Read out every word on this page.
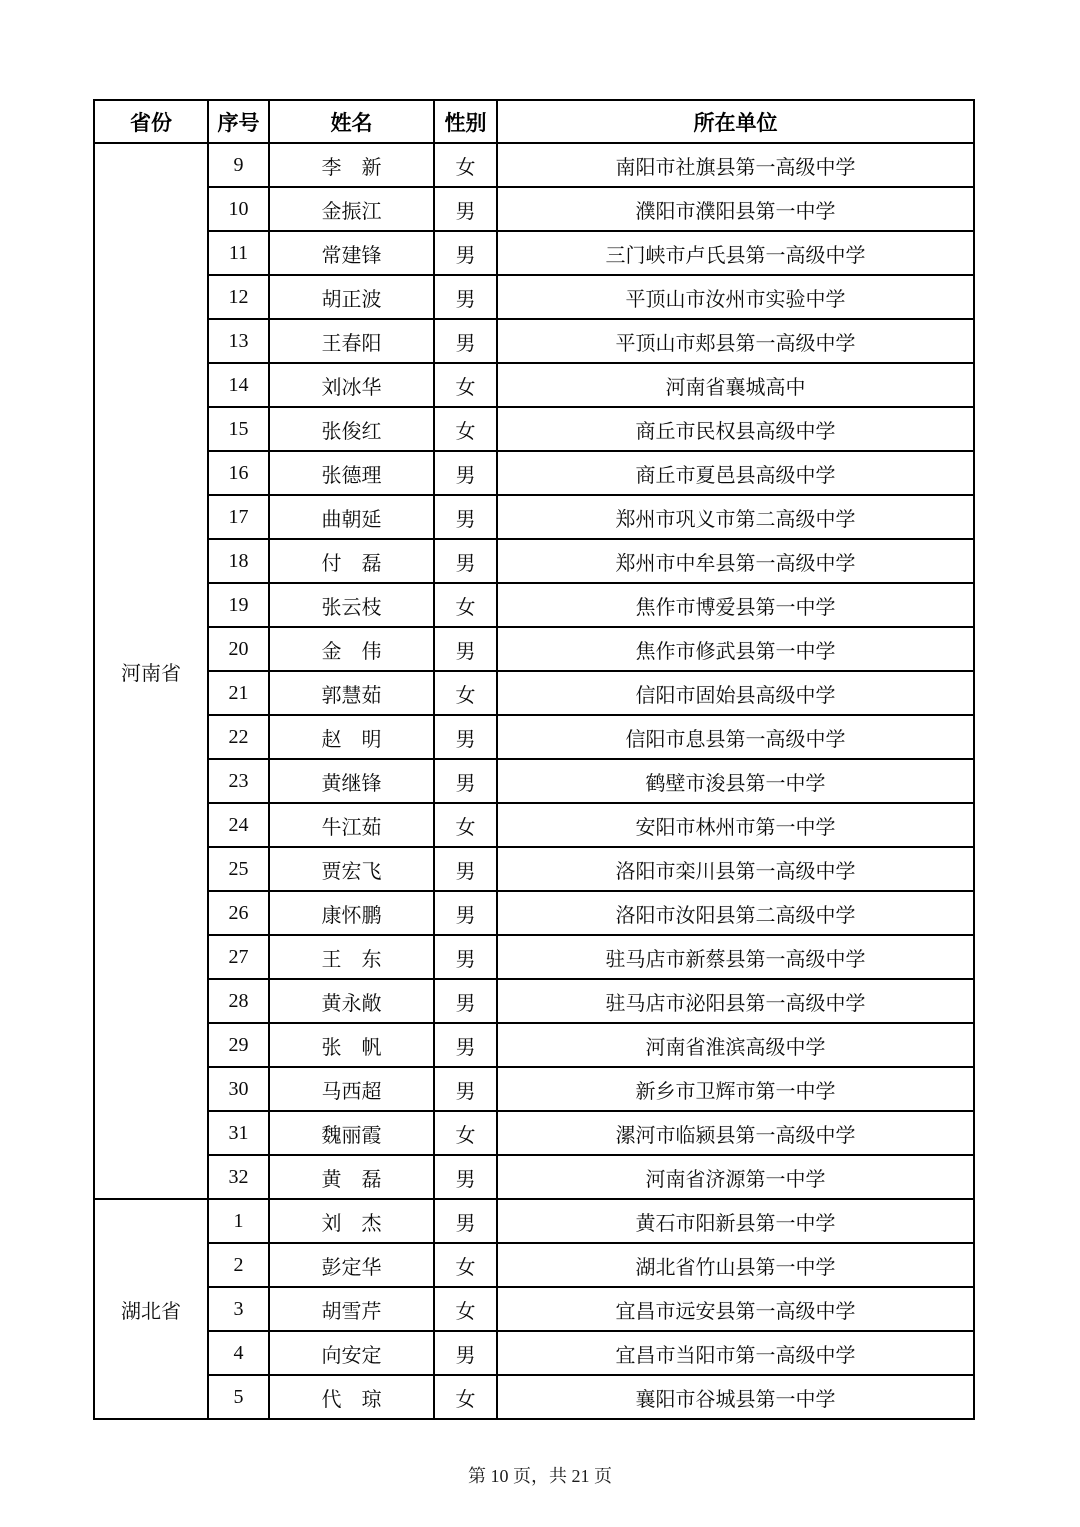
省份	序号	姓名	性别	所在单位
河南省	9	李　新	女	南阳市社旗县第一高级中学
	10	金振江	男	濮阳市濮阳县第一中学
	11	常建锋	男	三门峡市卢氏县第一高级中学
	12	胡正波	男	平顶山市汝州市实验中学
	13	王春阳	男	平顶山市郏县第一高级中学
	14	刘冰华	女	河南省襄城高中
	15	张俊红	女	商丘市民权县高级中学
	16	张德理	男	商丘市夏邑县高级中学
	17	曲朝延	男	郑州市巩义市第二高级中学
	18	付　磊	男	郑州市中牟县第一高级中学
	19	张云枝	女	焦作市博爱县第一中学
	20	金　伟	男	焦作市修武县第一中学
	21	郭慧茹	女	信阳市固始县高级中学
	22	赵　明	男	信阳市息县第一高级中学
	23	黄继锋	男	鹤壁市浚县第一中学
	24	牛江茹	女	安阳市林州市第一中学
	25	贾宏飞	男	洛阳市栾川县第一高级中学
	26	康怀鹏	男	洛阳市汝阳县第二高级中学
	27	王　东	男	驻马店市新蔡县第一高级中学
	28	黄永敞	男	驻马店市泌阳县第一高级中学
	29	张　帆	男	河南省淮滨高级中学
	30	马西超	男	新乡市卫辉市第一中学
	31	魏丽霞	女	漯河市临颍县第一高级中学
	32	黄　磊	男	河南省济源第一中学
湖北省	1	刘　杰	男	黄石市阳新县第一中学
	2	彭定华	女	湖北省竹山县第一中学
	3	胡雪芹	女	宜昌市远安县第一高级中学
	4	向安定	男	宜昌市当阳市第一高级中学
	5	代　琼	女	襄阳市谷城县第一中学
第 10 页，共 21 页
